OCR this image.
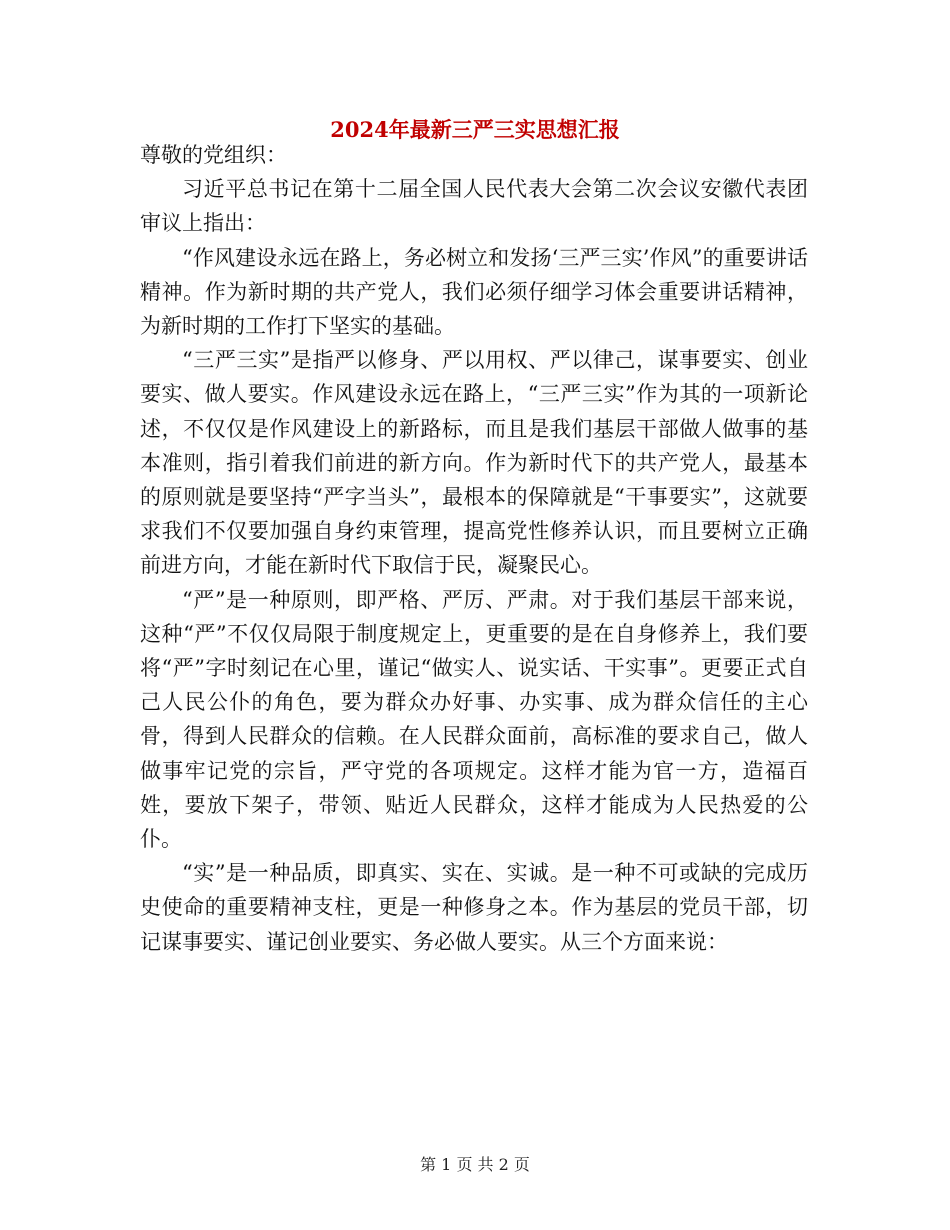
2024年最新三严三实思想汇报

尊敬的党组织：

习近平总书记在第十二届全国人民代表大会第二次会议安徽代表团审议上指出：

“作风建设永远在路上，务必树立和发扬‘三严三实’作风”的重要讲话精神。作为新时期的共产党人，我们必须仔细学习体会重要讲话精神，为新时期的工作打下坚实的基础。

“三严三实”是指严以修身、严以用权、严以律己，谋事要实、创业要实、做人要实。作风建设永远在路上，“三严三实”作为其的一项新论述，不仅仅是作风建设上的新路标，而且是我们基层干部做人做事的基本准则，指引着我们前进的新方向。作为新时代下的共产党人，最基本的原则就是要坚持“严字当头”，最根本的保障就是“干事要实”，这就要求我们不仅要加强自身约束管理，提高党性修养认识，而且要树立正确前进方向，才能在新时代下取信于民，凝聚民心。

“严”是一种原则，即严格、严厉、严肃。对于我们基层干部来说，这种“严”不仅仅局限于制度规定上，更重要的是在自身修养上，我们要将“严”字时刻记在心里，谨记“做实人、说实话、干实事”。更要正式自己人民公仆的角色，要为群众办好事、办实事、成为群众信任的主心骨，得到人民群众的信赖。在人民群众面前，高标准的要求自己，做人做事牢记党的宗旨，严守党的各项规定。这样才能为官一方，造福百姓，要放下架子，带领、贴近人民群众，这样才能成为人民热爱的公仆。

“实”是一种品质，即真实、实在、实诚。是一种不可或缺的完成历史使命的重要精神支柱，更是一种修身之本。作为基层的党员干部，切记谋事要实、谨记创业要实、务必做人要实。从三个方面来说：

第 1 页 共 2 页
